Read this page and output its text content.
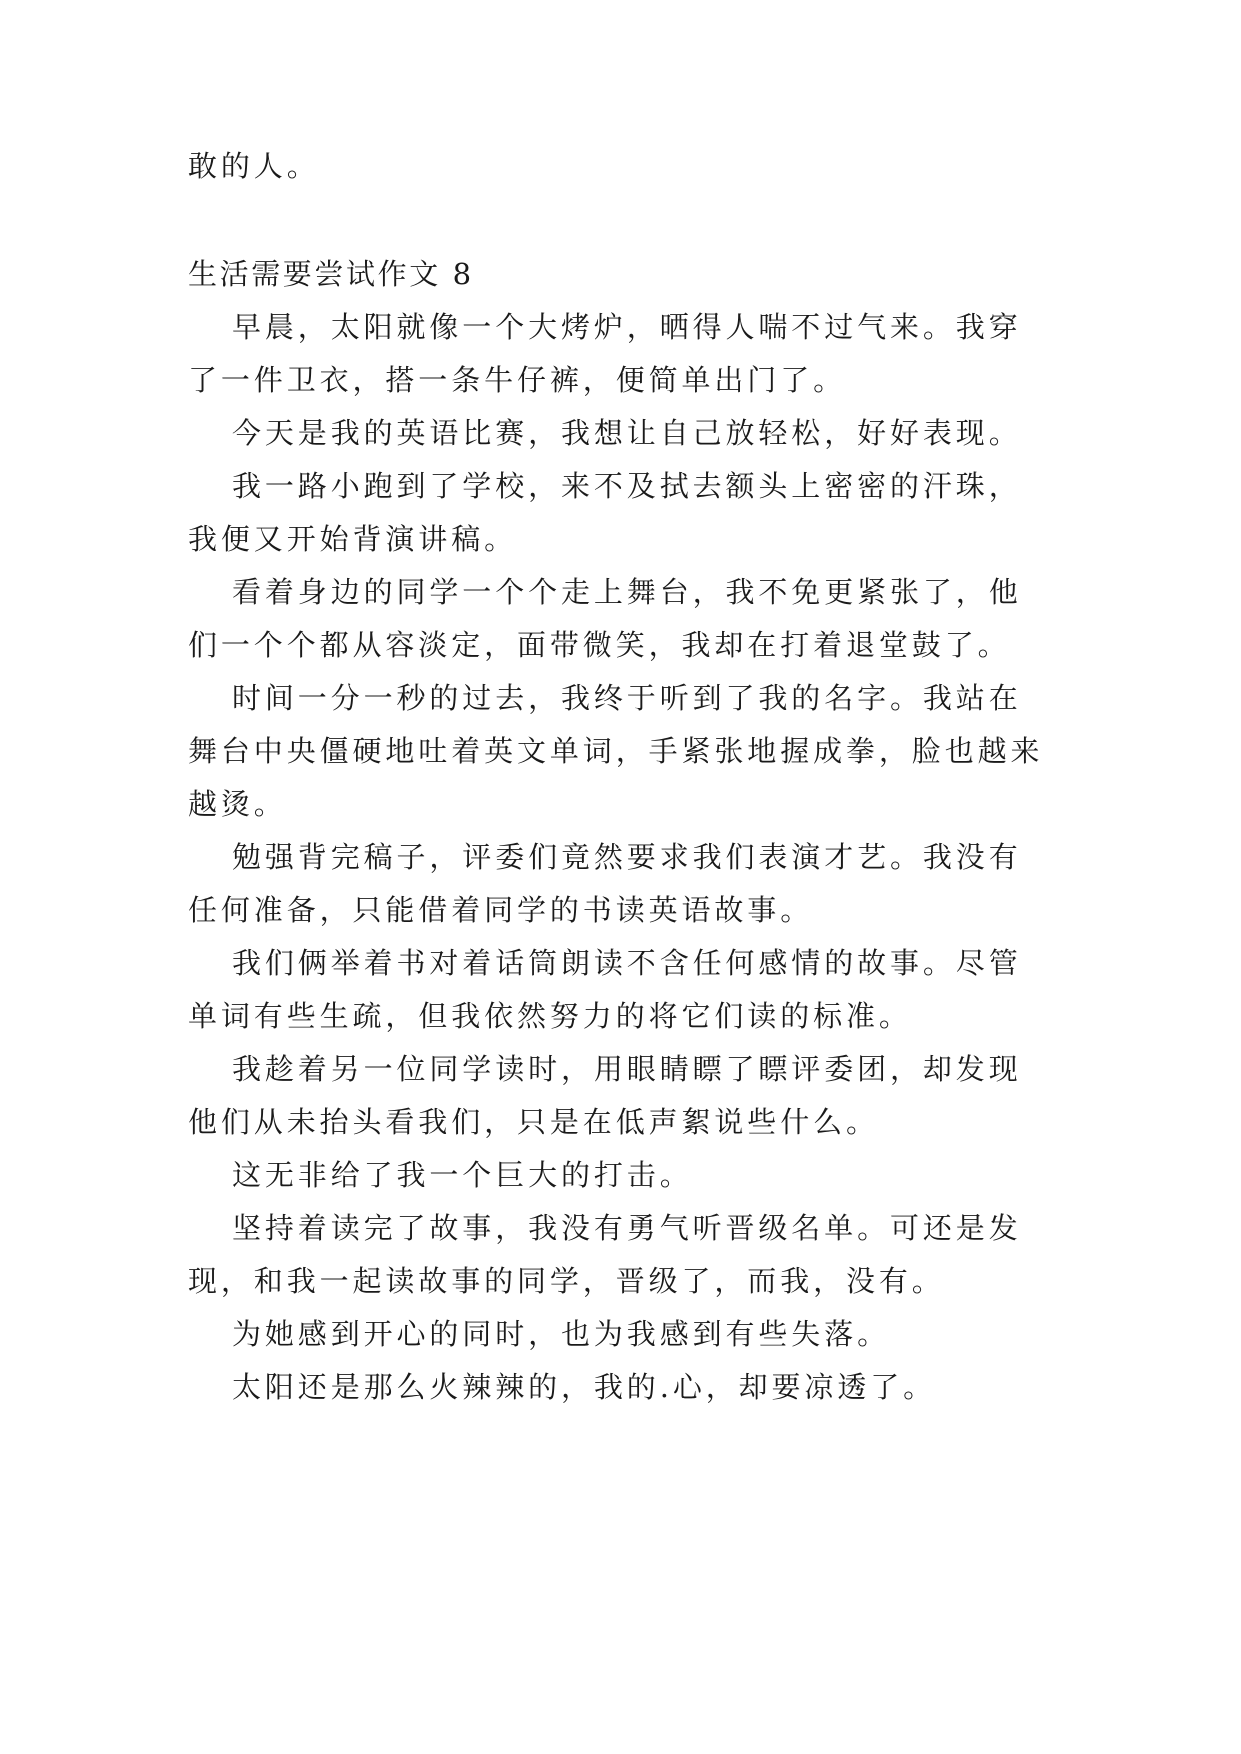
敢的人。

生活需要尝试作文 8

早晨，太阳就像一个大烤炉，晒得人喘不过气来。我穿

了一件卫衣，搭一条牛仔裤，便简单出门了。

今天是我的英语比赛，我想让自己放轻松，好好表现。

我一路小跑到了学校，来不及拭去额头上密密的汗珠，

我便又开始背演讲稿。

看着身边的同学一个个走上舞台，我不免更紧张了，他

们一个个都从容淡定，面带微笑，我却在打着退堂鼓了。

时间一分一秒的过去，我终于听到了我的名字。我站在

舞台中央僵硬地吐着英文单词，手紧张地握成拳，脸也越来

越烫。

勉强背完稿子，评委们竟然要求我们表演才艺。我没有

任何准备，只能借着同学的书读英语故事。

我们俩举着书对着话筒朗读不含任何感情的故事。尽管

单词有些生疏，但我依然努力的将它们读的标准。

我趁着另一位同学读时，用眼睛瞟了瞟评委团，却发现

他们从未抬头看我们，只是在低声絮说些什么。

这无非给了我一个巨大的打击。

坚持着读完了故事，我没有勇气听晋级名单。可还是发

现，和我一起读故事的同学，晋级了，而我，没有。

为她感到开心的同时，也为我感到有些失落。

太阳还是那么火辣辣的，我的.心，却要凉透了。
